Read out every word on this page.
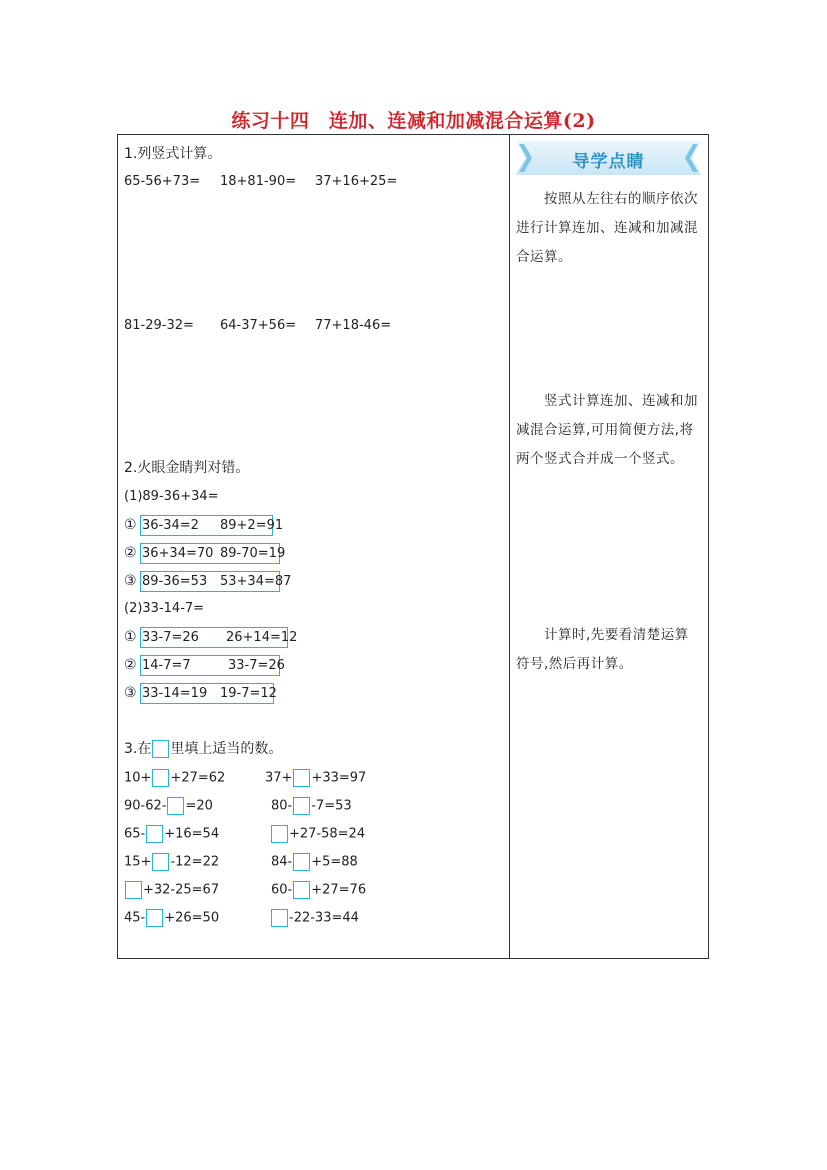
练习十四　连加、连减和加减混合运算(2)
1.列竖式计算。
65-56+73= 18+81-90= 37+16+25=
81-29-32= 64-37+56= 77+18-46=
2.火眼金睛判对错。
(1)89-36+34=
① 36-34=2 89+2=91
② 36+34=70 89-70=19
③ 89-36=53 53+34=87
(2)33-14-7=
① 33-7=26 26+14=12
② 14-7=7	33-7=26
③ 33-14=19 19-7=12
3.在 里填上适当的数。
10+ +27=62	37+ +33=97
90-62- =20	80- -7=53
65- +16=54	+27-58=24
15+ -12=22	84- +5=88
+32-25=67	60- +27=76
45- +26=50	-22-33=44
导学点睛
按照从左往右的顺序依次进行计算连加、连减和加减混合运算。
竖式计算连加、连减和加减混合运算,可用简便方法,将两个竖式合并成一个竖式。
计算时,先要看清楚运算符号,然后再计算。
